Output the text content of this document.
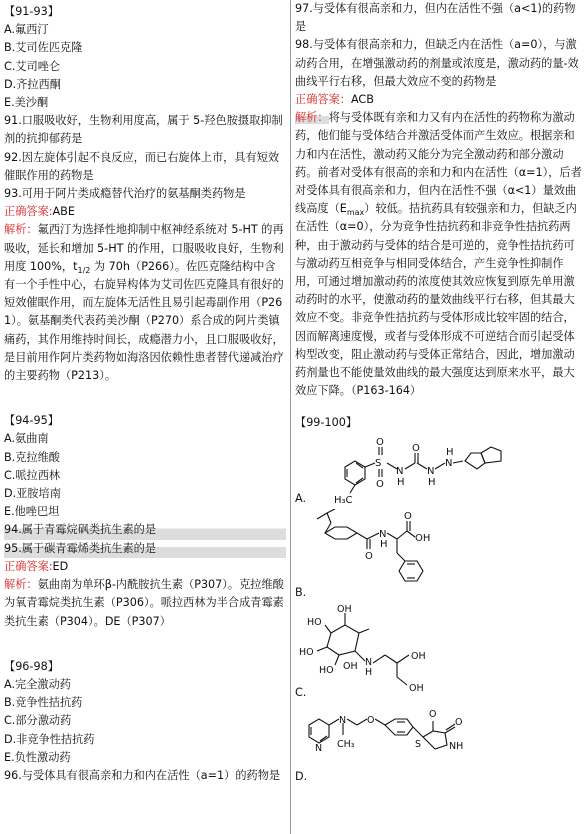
【91-93】
A.氟西汀
B.艾司佐匹克隆
C.艾司唑仑
D.齐拉西酮
E.美沙酮
91.口服吸收好，生物利用度高，属于 5-羟色胺摄取抑制剂的抗抑郁药是
92.因左旋体引起不良反应，而已右旋体上市，具有短效催眠作用的药物是
93.可用于阿片类成瘾替代治疗的氨基酮类药物是
正确答案:ABE
解析：氟西汀为选择性地抑制中枢神经系统对 5-HT 的再吸收，延长和增加 5-HT 的作用，口服吸收良好，生物利用度 100%，$t_{1/2}$ 为 70h（P266）。佐匹克隆结构中含有一个手性中心，右旋异构体为艾司佐匹克隆具有很好的短效催眠作用，而左旋体无活性且易引起毒副作用（P261）。氨基酮类代表药美沙酮（P270）系合成的阿片类镇痛药，其作用维持时间长，成瘾潜力小，且口服吸收好，是目前用作阿片类药物如海洛因依赖性患者替代递减治疗的主要药物（P213）。
【94-95】
A.氨曲南
B.克拉维酸
C.哌拉西林
D.亚胺培南
E.他唑巴坦
94.属于青霉烷砜类抗生素的是
95.属于碳青霉烯类抗生素的是
正确答案:ED
解析：氨曲南为单环β-内酰胺抗生素（P307）。克拉维酸为氧青霉烷类抗生素（P306）。哌拉西林为半合成青霉素类抗生素（P304）。DE（P307）
【96-98】
A.完全激动药
B.竞争性拮抗药
C.部分激动药
D.非竞争性拮抗药
E.负性激动药
96.与受体具有很高亲和力和内在活性（a=1）的药物是
97.与受体有很高亲和力，但内在活性不强（a<1)的药物是
98.与受体有很高亲和力，但缺乏内在活性（a=0），与激动药合用，在增强激动药的剂量或浓度是，激动药的量-效曲线平行右移，但最大效应不变的药物是
正确答案：ACB
解析：将与受体既有亲和力又有内在活性的药物称为激动药，他们能与受体结合并激活受体而产生效应。根据亲和力和内在活性，激动药又能分为完全激动药和部分激动药。前者对受体有很高的亲和力和内在活性（α=1），后者对受体具有很高亲和力，但内在活性不强（α<1）量效曲线高度$(E_{max})$较低。拮抗药具有较强亲和力，但缺乏内在活性（α=0），分为竞争性拮抗药和非竞争性拮抗药两种，由于激动药与受体的结合是可逆的，竞争性拮抗药可与激动药互相竞争与相同受体结合，产生竞争性抑制作用，可通过增加激动药的浓度使其效应恢复到原先单用激动药时的水平，使激动药的量效曲线平行右移，但其最大效应不变。非竞争性拮抗药与受体形成比较牢固的结合，因而解离速度慢，或者与受体形成不可逆结合而引起受体构型改变，阻止激动药与受体正常结合，因此，增加激动药剂量也不能使量效曲线的最大强度达到原来水平，最大效应下降。（P163-164）
【99-100】
S
O
O
N
H
O
N
H
N
H
H₃C
A.
O
N
H
O
OH
B.
HO
OH
HO
HO OH N
H
OH
OH
C.
N
N
CH₃
O
S
O
NH
O
D.
